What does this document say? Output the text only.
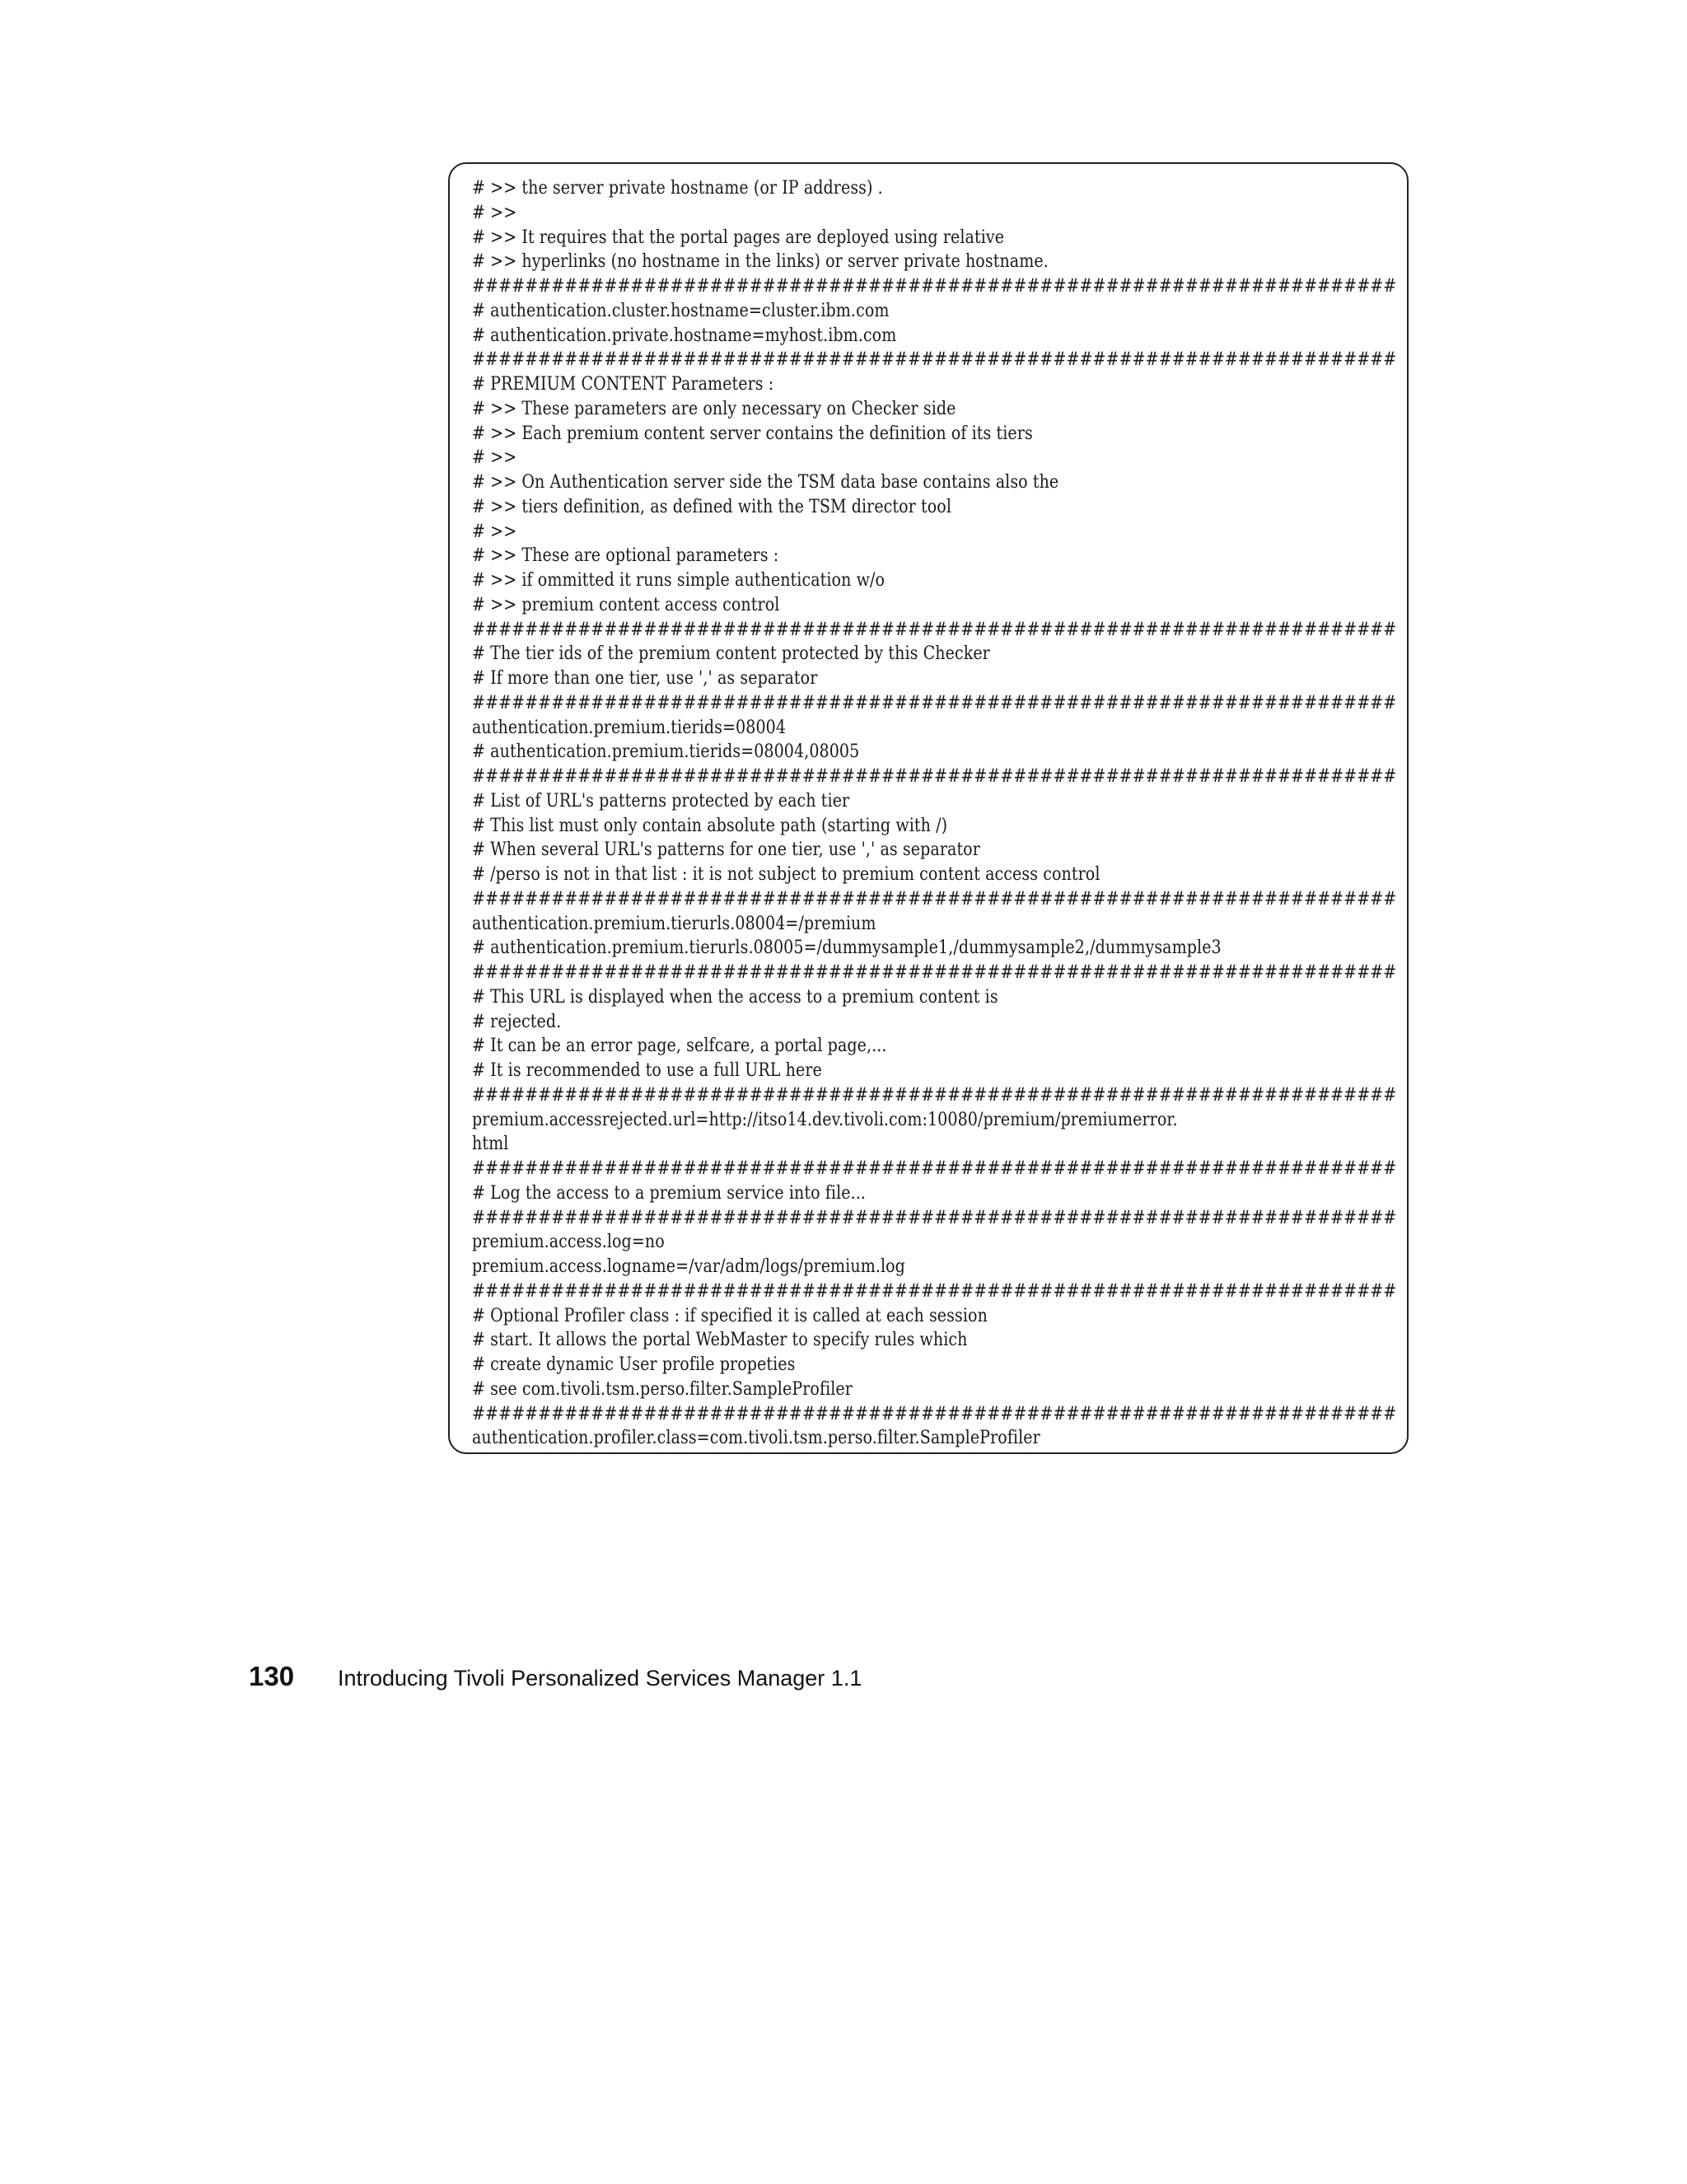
# >> the server private hostname (or IP address) .
# >>
# >> It requires that the portal pages are deployed using relative
# >> hyperlinks (no hostname in the links) or server private hostname.
######################################################################
# authentication.cluster.hostname=cluster.ibm.com
# authentication.private.hostname=myhost.ibm.com
######################################################################
# PREMIUM CONTENT Parameters :
# >> These parameters are only necessary on Checker side
# >> Each premium content server contains the definition of its tiers
# >>
# >> On Authentication server side the TSM data base contains also the
# >> tiers definition, as defined with the TSM director tool
# >>
# >> These are optional parameters :
# >> if ommitted it runs simple authentication w/o
# >> premium content access control
######################################################################
# The tier ids of the premium content protected by this Checker
# If more than one tier, use ',' as separator
######################################################################
authentication.premium.tierids=08004
# authentication.premium.tierids=08004,08005
######################################################################
# List of URL's patterns protected by each tier
# This list must only contain absolute path (starting with /)
# When several URL's patterns for one tier, use ',' as separator
# /perso is not in that list : it is not subject to premium content access control
######################################################################
authentication.premium.tierurls.08004=/premium
# authentication.premium.tierurls.08005=/dummysample1,/dummysample2,/dummysample3
######################################################################
# This URL is displayed when the access to a premium content is
# rejected.
# It can be an error page, selfcare, a portal page,...
# It is recommended to use a full URL here
######################################################################
premium.accessrejected.url=http://itso14.dev.tivoli.com:10080/premium/premiumerror.
html
######################################################################
# Log the access to a premium service into file...
######################################################################
premium.access.log=no
premium.access.logname=/var/adm/logs/premium.log
######################################################################
# Optional Profiler class : if specified it is called at each session
# start. It allows the portal WebMaster to specify rules which
# create dynamic User profile propeties
# see com.tivoli.tsm.perso.filter.SampleProfiler
######################################################################
authentication.profiler.class=com.tivoli.tsm.perso.filter.SampleProfiler
130 Introducing Tivoli Personalized Services Manager 1.1
